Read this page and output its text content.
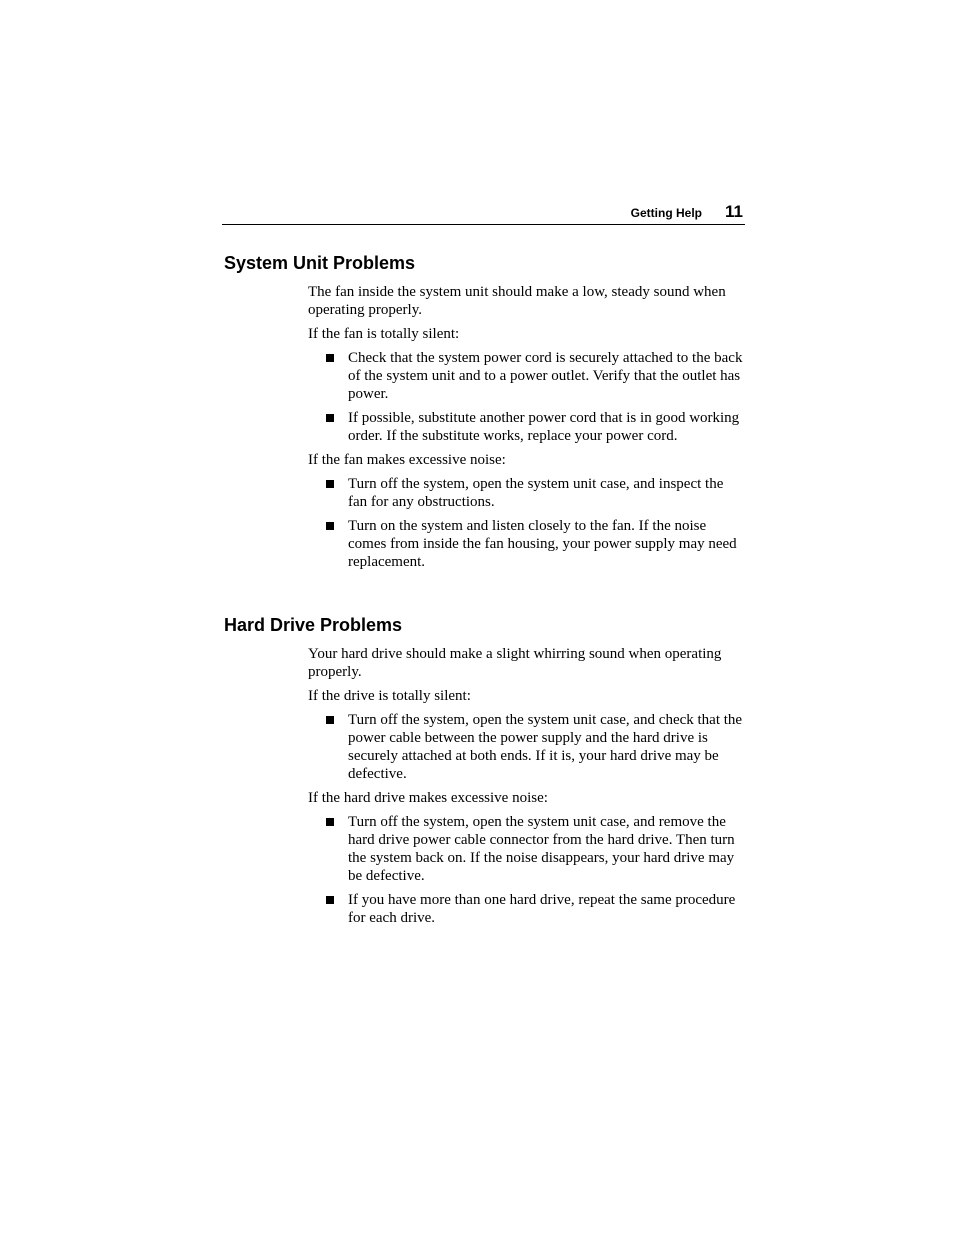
Getting Help 11
System Unit Problems

The fan inside the system unit should make a low, steady sound when operating properly.

If the fan is totally silent:

Check that the system power cord is securely attached to the back of the system unit and to a power outlet. Verify that the outlet has power.
If possible, substitute another power cord that is in good working order. If the substitute works, replace your power cord.

If the fan makes excessive noise:

Turn off the system, open the system unit case, and inspect the fan for any obstructions.
Turn on the system and listen closely to the fan. If the noise comes from inside the fan housing, your power supply may need replacement.
Hard Drive Problems

Your hard drive should make a slight whirring sound when operating properly.

If the drive is totally silent:

Turn off the system, open the system unit case, and check that the power cable between the power supply and the hard drive is securely attached at both ends. If it is, your hard drive may be defective.

If the hard drive makes excessive noise:

Turn off the system, open the system unit case, and remove the hard drive power cable connector from the hard drive. Then turn the system back on. If the noise disappears, your hard drive may be defective.
If you have more than one hard drive, repeat the same procedure for each drive.
